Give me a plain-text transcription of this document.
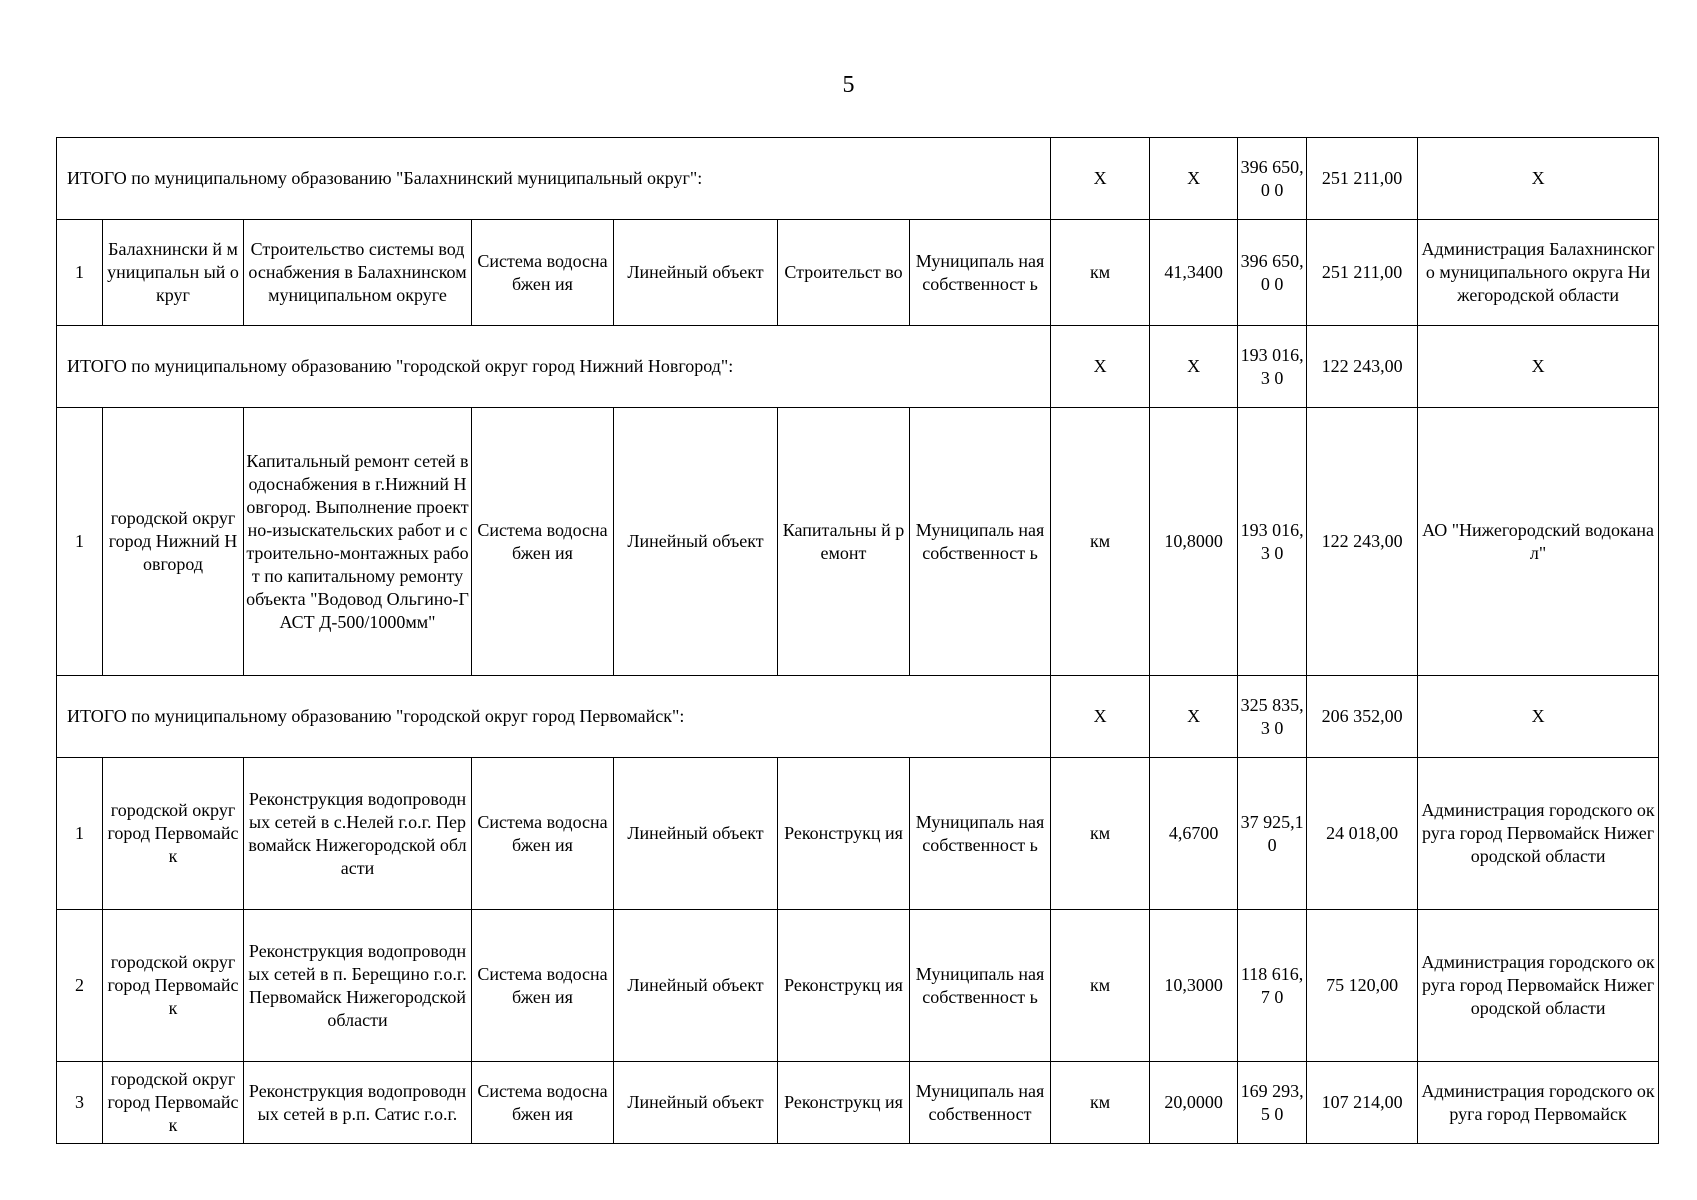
5
ИТОГО по муниципальному образованию "Балахнинский муниципальный округ":							X	X	396 650,0 0	251 211,00	X
1	Балахнински й муниципальн ый округ	Строительство системы водоснабжения в Балахнинском муниципальном округе	Система водоснабжен ия	Линейный объект	Строительст во	Муниципаль ная собственност ь	км	41,3400	396 650,0 0	251 211,00	Администрация Балахнинского муниципального округа Нижегородской области
ИТОГО по муниципальному образованию "городской округ город Нижний Новгород":							X	X	193 016,3 0	122 243,00	X
1	городской округ город Нижний Новгород	Капитальный ремонт сетей водоснабжения в г.Нижний Новгород. Выполнение проектно-изыскательских работ и строительно-монтажных работ по капитальному ремонту объекта "Водовод Ольгино-ГАСТ Д-500/1000мм"	Система водоснабжен ия	Линейный объект	Капитальны й ремонт	Муниципаль ная собственност ь	км	10,8000	193 016,3 0	122 243,00	АО "Нижегородский водоканал"
ИТОГО по муниципальному образованию "городской округ город Первомайск":							X	X	325 835,3 0	206 352,00	X
1	городской округ город Первомайск	Реконструкция водопроводных сетей в с.Нелей г.о.г. Первомайск Нижегородской области	Система водоснабжен ия	Линейный объект	Реконструкц ия	Муниципаль ная собственност ь	км	4,6700	37 925,1 0	24 018,00	Администрация городского округа город Первомайск Нижегородской области
2	городской округ город Первомайск	Реконструкция водопроводных сетей в п. Берещино г.о.г. Первомайск Нижегородской области	Система водоснабжен ия	Линейный объект	Реконструкц ия	Муниципаль ная собственност ь	км	10,3000	118 616,7 0	75 120,00	Администрация городского округа город Первомайск Нижегородской области
3	городской округ город Первомайск	Реконструкция водопроводных сетей в р.п. Сатис г.о.г.	Система водоснабжен ия	Линейный объект	Реконструкц ия	Муниципаль ная собственност	км	20,0000	169 293,5 0	107 214,00	Администрация городского округа город Первомайск
